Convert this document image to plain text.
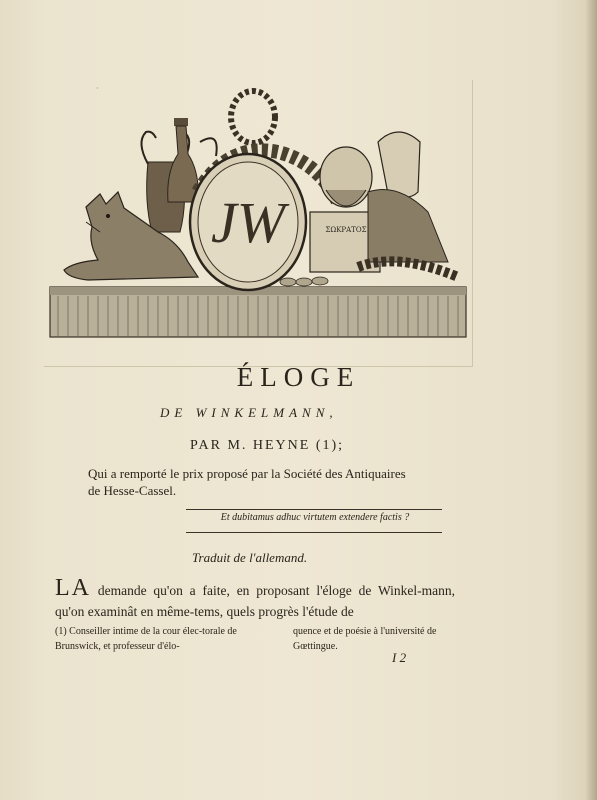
·
JW	ΣΩΚΡΑΤΟΣ
ÉLOGE
DE WINKELMANN,
PAR M. HEYNE (1);
Qui a remporté le prix proposé par la Société des Antiquaires
de Hesse-Cassel.
Et dubitamus adhuc virtutem extendere factis ?
Traduit de l'allemand.
LA demande qu'on a faite, en proposant l'éloge de Winkel-mann, qu'on examinât en même-tems, quels progrès l'étude de
(1) Conseiller intime de la cour élec-torale de Brunswick, et professeur d'élo-
quence et de poésie à l'université de Gœttingue.
I 2
